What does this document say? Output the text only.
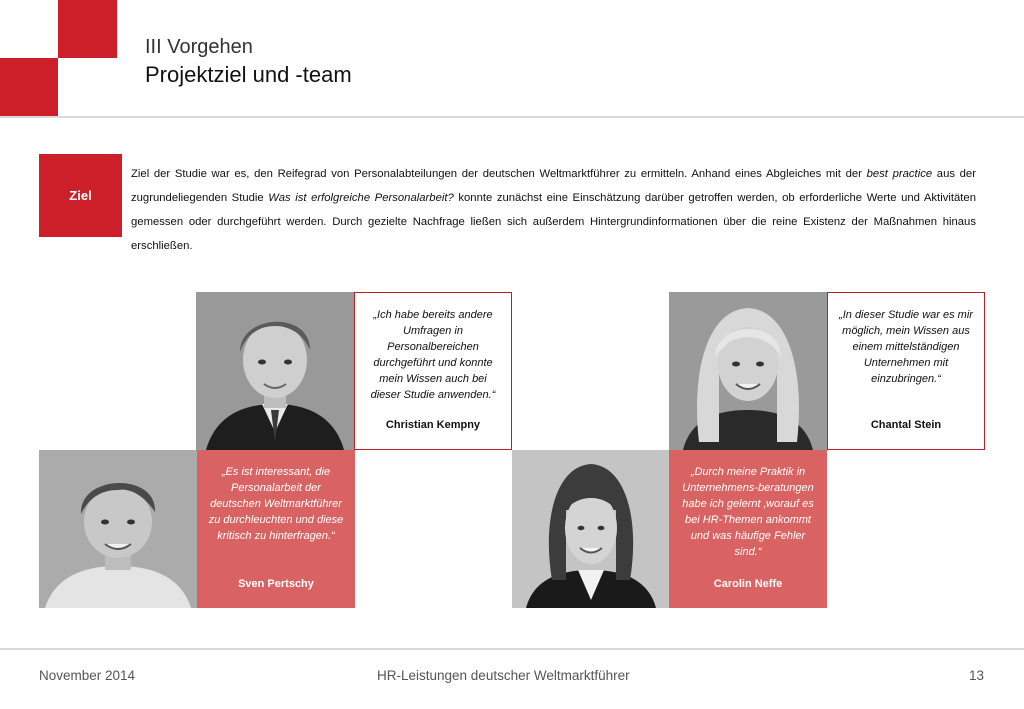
III Vorgehen
Projektziel und -team
Ziel
Ziel der Studie war es, den Reifegrad von Personalabteilungen der deutschen Weltmarktführer zu ermitteln. Anhand eines Abgleiches mit der best practice aus der zugrundeliegenden Studie Was ist erfolgreiche Personalarbeit? konnte zunächst eine Einschätzung darüber getroffen werden, ob erforderliche Werte und Aktivitäten gemessen oder durchgeführt werden. Durch gezielte Nachfrage ließen sich außerdem Hintergrundinformationen über die reine Existenz der Maßnahmen hinaus erschließen.
„Ich habe bereits andere Umfragen in Personalbereichen durchgeführt und konnte mein Wissen auch bei dieser Studie anwenden.“
Christian Kempny
„In dieser Studie war es mir möglich, mein Wissen aus einem mittelständigen Unternehmen mit einzubringen.“
Chantal Stein
„Es ist interessant, die Personalarbeit der deutschen Weltmarktführer zu durchleuchten und diese kritisch zu hinterfragen.“
Sven Pertschy
„Durch meine Praktik in Unternehmens-beratungen habe ich gelernt ‚worauf es bei HR-Themen ankommt und was häufige Fehler sind.“
Carolin Neffe
November 2014	HR-Leistungen deutscher Weltmarktführer	13
